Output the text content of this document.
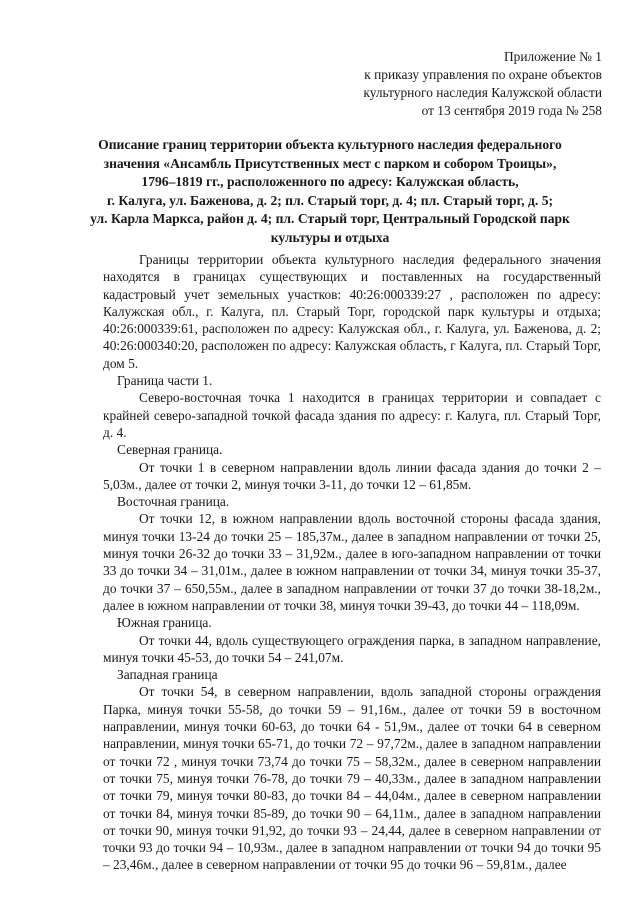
Приложение № 1
к приказу управления по охране объектов
культурного наследия Калужской области
от 13 сентября 2019 года № 258
Описание границ территории объекта культурного наследия федерального
значения «Ансамбль Присутственных мест с парком и собором Троицы»,
1796–1819 гг., расположенного по адресу: Калужская область,
г. Калуга, ул. Баженова, д. 2; пл. Старый торг, д. 4; пл. Старый торг, д. 5;
ул. Карла Маркса, район д. 4; пл. Старый торг, Центральный Городской парк
культуры и отдыха

Границы территории объекта культурного наследия федерального значения находятся в границах существующих и поставленных на государственный кадастровый учет земельных участков: 40:26:000339:27 , расположен по адресу: Калужская обл., г. Калуга, пл. Старый Торг, городской парк культуры и отдыха; 40:26:000339:61, расположен по адресу: Калужская обл., г. Калуга, ул. Баженова, д. 2; 40:26:000340:20, расположен по адресу: Калужская область, г Калуга, пл. Старый Торг, дом 5.

Граница части 1.

Северо-восточная точка 1 находится в границах территории и совпадает с крайней северо-западной точкой фасада здания по адресу: г. Калуга, пл. Старый Торг, д. 4.

Северная граница.

От точки 1 в северном направлении вдоль линии фасада здания до точки 2 – 5,03м., далее от точки 2, минуя точки 3-11, до точки 12 – 61,85м.

Восточная граница.

От точки 12, в южном направлении вдоль восточной стороны фасада здания, минуя точки 13-24 до точки 25 – 185,37м., далее в западном направлении от точки 25, минуя точки 26-32 до точки 33 – 31,92м., далее в юго-западном направлении от точки 33 до точки 34 – 31,01м., далее в южном направлении от точки 34, минуя точки 35-37, до точки 37 – 650,55м., далее в западном направлении от точки 37 до точки 38-18,2м., далее в южном направлении от точки 38, минуя точки 39-43, до точки 44 – 118,09м.

Южная граница.

От точки 44, вдоль существующего ограждения парка, в западном направление, минуя точки 45-53, до точки 54 – 241,07м.

Западная граница

От точки 54, в северном направлении, вдоль западной стороны ограждения Парка, минуя точки 55-58, до точки 59 – 91,16м., далее от точки 59 в восточном направлении, минуя точки 60-63, до точки 64 - 51,9м., далее от точки 64 в северном направлении, минуя точки 65-71, до точки 72 – 97,72м., далее в западном направлении от точки 72 , минуя точки 73,74 до точки 75 – 58,32м., далее в северном направлении от точки 75, минуя точки 76-78, до точки 79 – 40,33м., далее в западном направлении от точки 79, минуя точки 80-83, до точки 84 – 44,04м., далее в северном направлении от точки 84, минуя точки 85-89, до точки 90 – 64,11м., далее в западном направлении от точки 90, минуя точки 91,92, до точки 93 – 24,44, далее в северном направлении от точки 93 до точки 94 – 10,93м., далее в западном направлении от точки 94 до точки 95 – 23,46м., далее в северном направлении от точки 95 до точки 96 – 59,81м., далее
